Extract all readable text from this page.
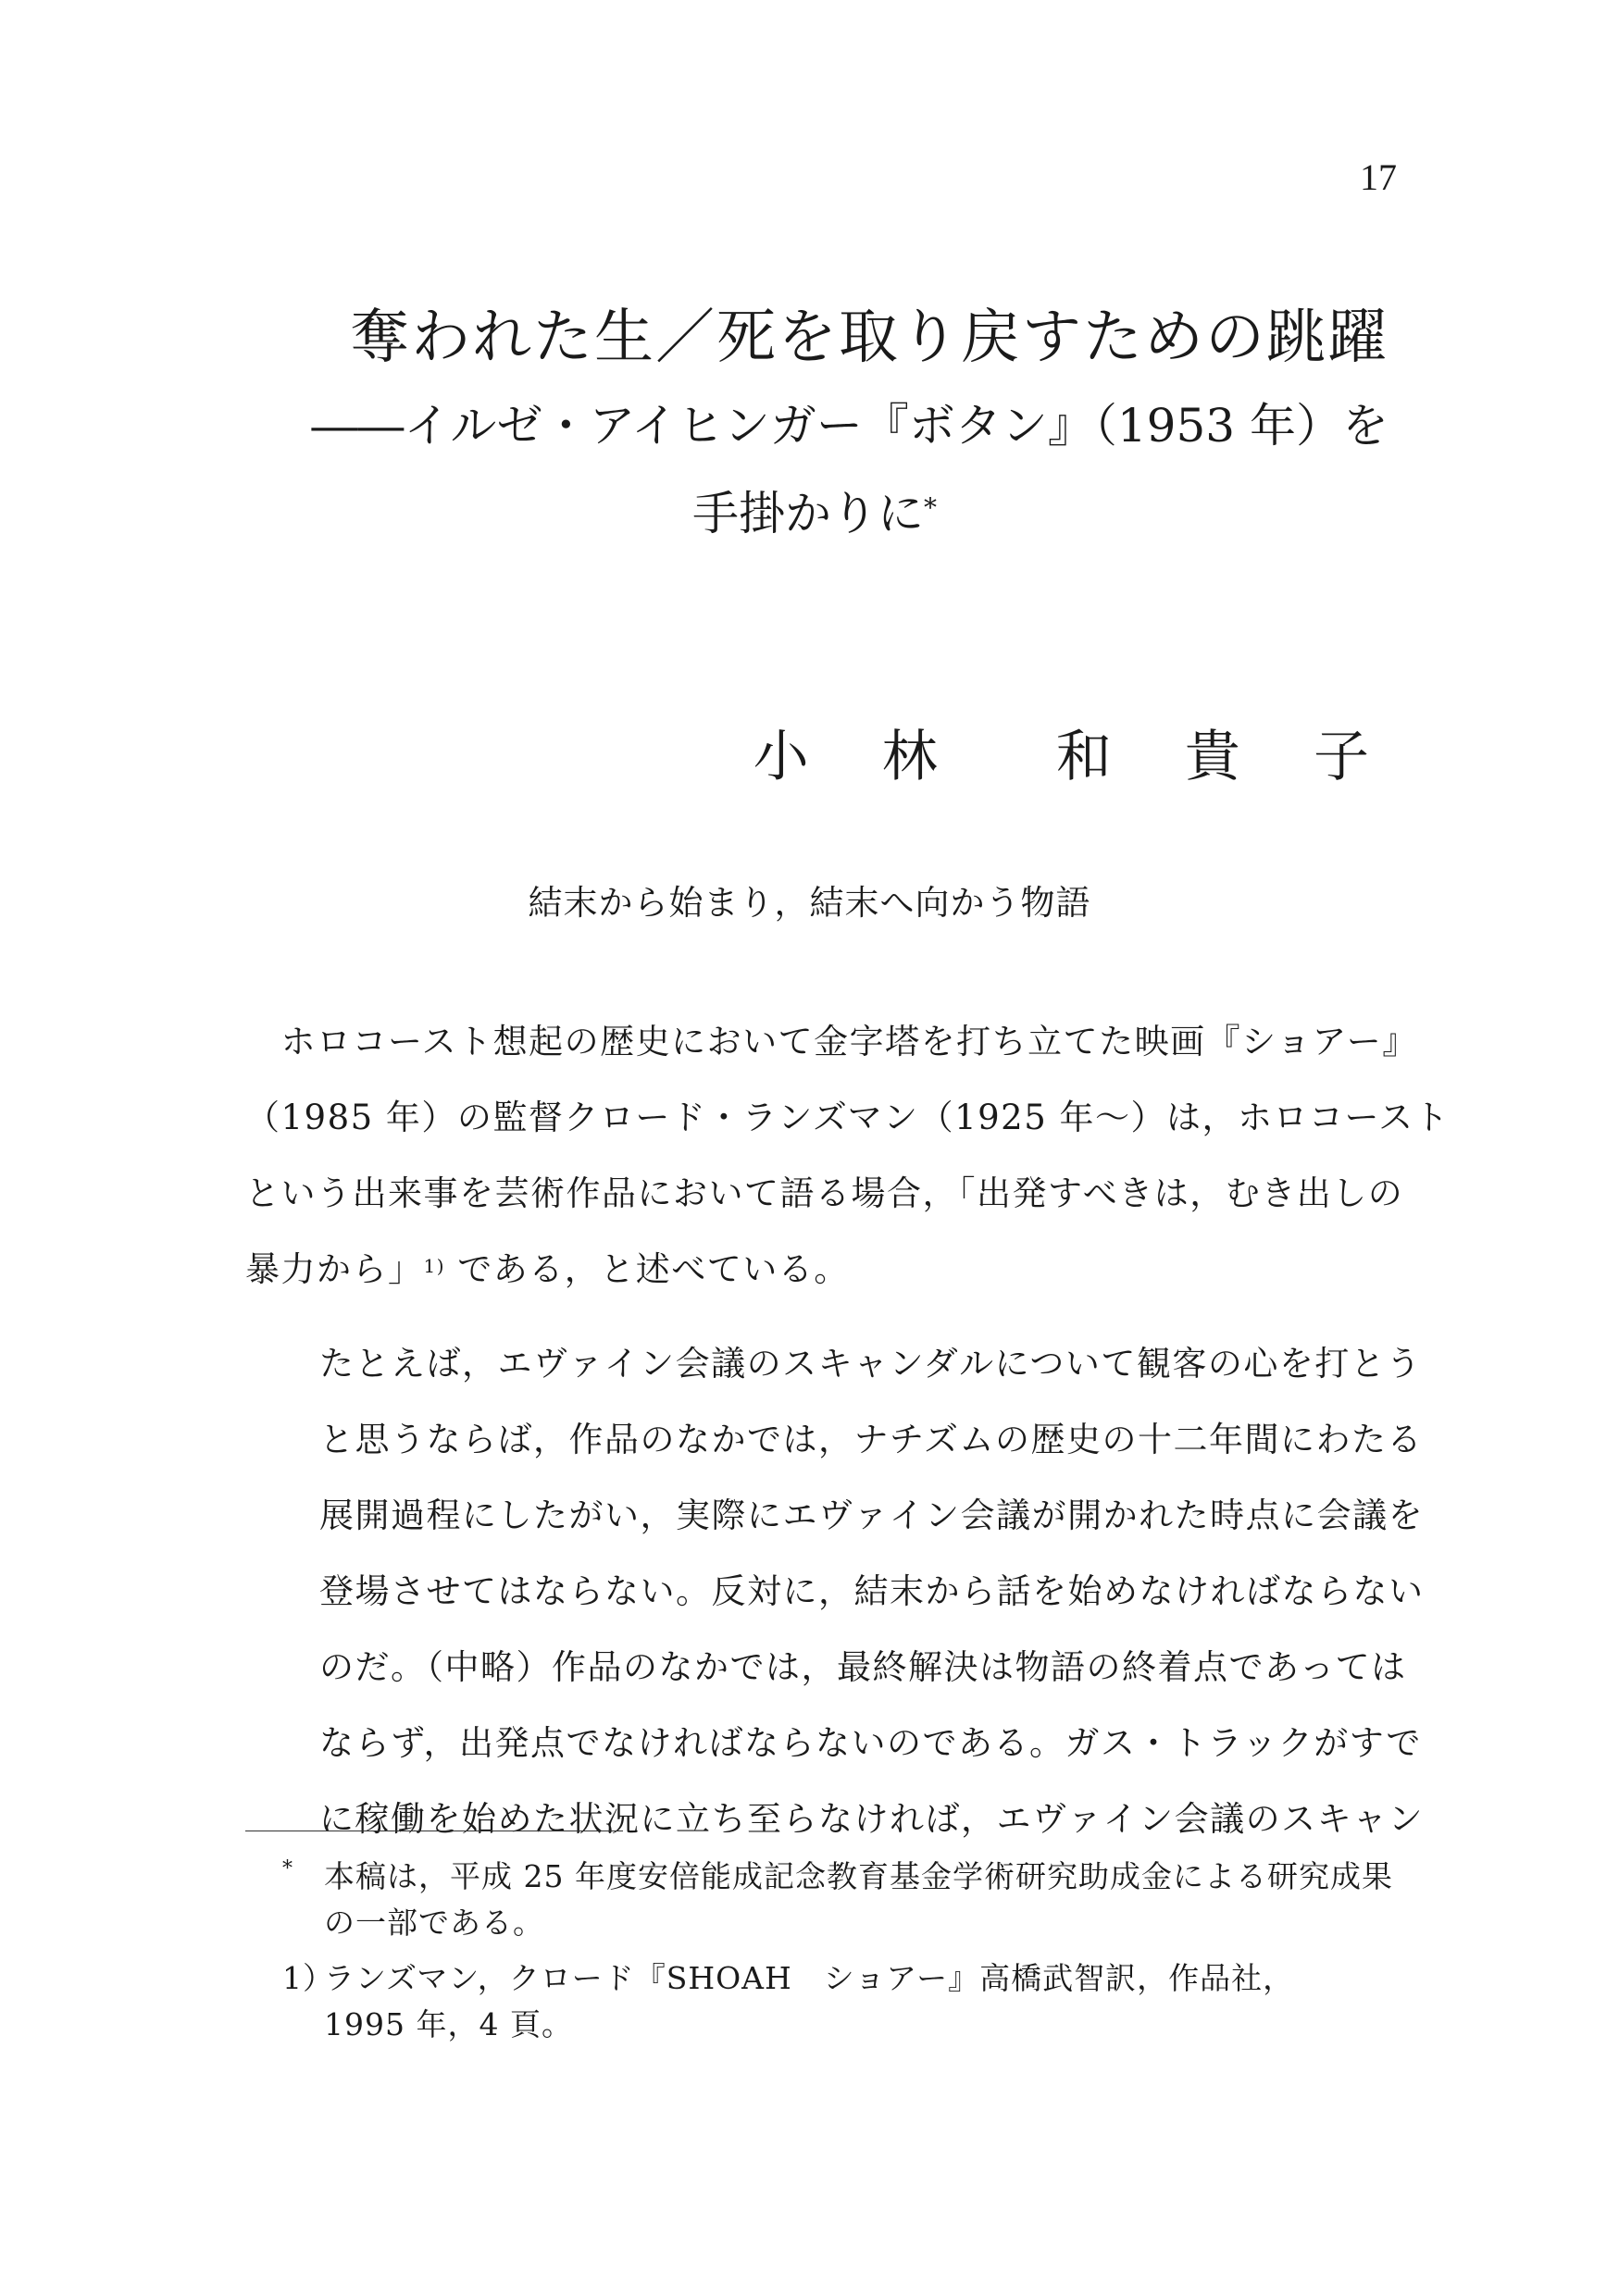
17
奪われた生／死を取り戻すための跳躍
――イルゼ・アイヒンガー『ボタン』（1953 年）を
手掛かりに*
小 林  和 貴 子
結末から始まり，結末へ向かう物語
　ホロコースト想起の歴史において金字塔を打ち立てた映画『ショアー』
（1985 年）の監督クロード・ランズマン（1925 年～）は，ホロコースト
という出来事を芸術作品において語る場合，「出発すべきは，むき出しの
暴力から」$^{1)}$ である，と述べている。
たとえば，エヴァイン会議のスキャンダルについて観客の心を打とう
と思うならば，作品のなかでは，ナチズムの歴史の十二年間にわたる
展開過程にしたがい，実際にエヴァイン会議が開かれた時点に会議を
登場させてはならない。反対に，結末から話を始めなければならない
のだ。（中略）作品のなかでは，最終解決は物語の終着点であっては
ならず，出発点でなければならないのである。ガス・トラックがすで
に稼働を始めた状況に立ち至らなければ，エヴァイン会議のスキャン
*	本稿は，平成 25 年度安倍能成記念教育基金学術研究助成金による研究成果
の一部である。
1）
ランズマン，クロード『SHOAH　ショアー』高橋武智訳，作品社，
1995 年，4 頁。
